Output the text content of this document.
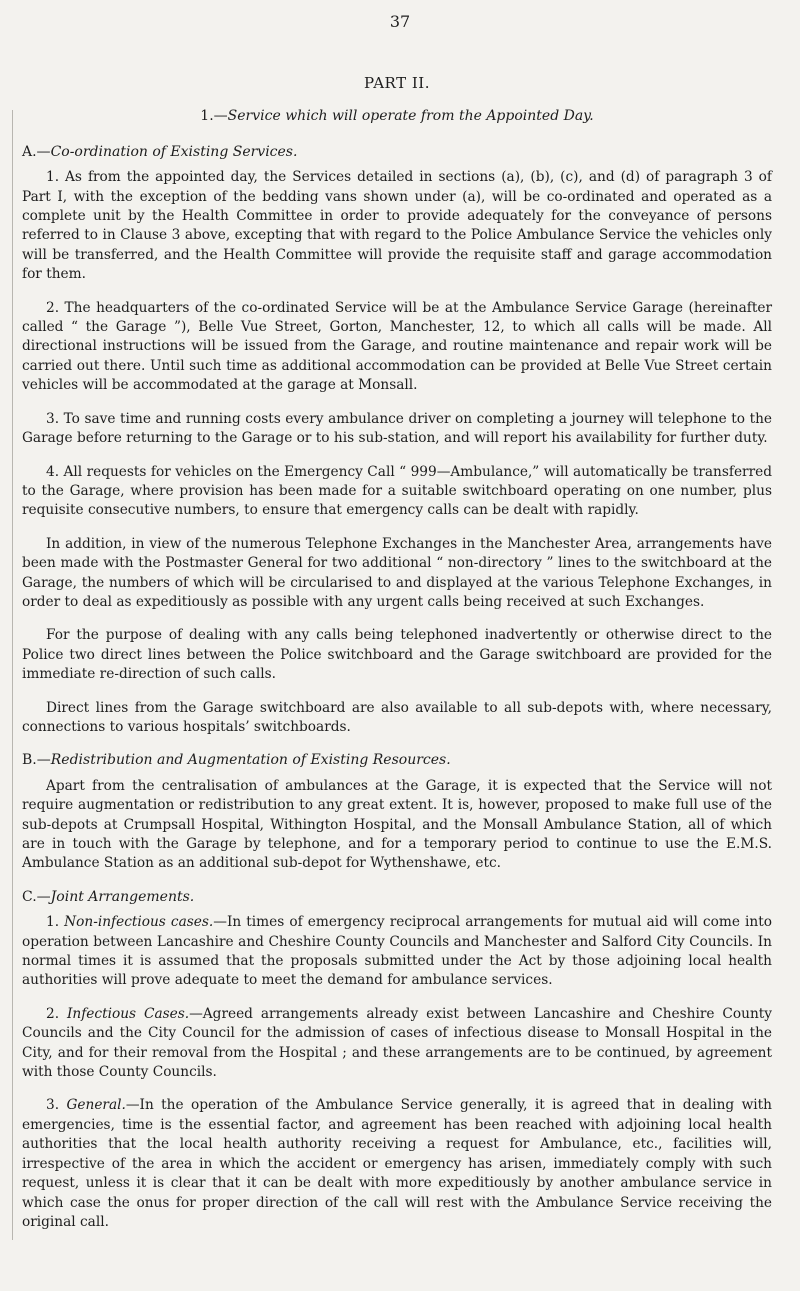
37
PART II.
1.—Service which will operate from the Appointed Day.
A.—Co-ordination of Existing Services.

1. As from the appointed day, the Services detailed in sections (a), (b), (c), and (d) of paragraph 3 of Part I, with the exception of the bedding vans shown under (a), will be co-ordinated and operated as a complete unit by the Health Committee in order to provide adequately for the conveyance of persons referred to in Clause 3 above, excepting that with regard to the Police Ambulance Service the vehicles only will be transferred, and the Health Committee will provide the requisite staff and garage accommodation for them.

2. The headquarters of the co-ordinated Service will be at the Ambulance Service Garage (hereinafter called “ the Garage ”), Belle Vue Street, Gorton, Manchester, 12, to which all calls will be made. All directional instructions will be issued from the Garage, and routine maintenance and repair work will be carried out there. Until such time as additional accommodation can be provided at Belle Vue Street certain vehicles will be accommodated at the garage at Monsall.

3. To save time and running costs every ambulance driver on completing a journey will telephone to the Garage before returning to the Garage or to his sub-station, and will report his availability for further duty.

4. All requests for vehicles on the Emergency Call “ 999—Ambulance,” will automatically be transferred to the Garage, where provision has been made for a suitable switchboard operating on one number, plus requisite consecutive numbers, to ensure that emergency calls can be dealt with rapidly.

In addition, in view of the numerous Telephone Exchanges in the Manchester Area, arrangements have been made with the Postmaster General for two additional “ non-directory ” lines to the switchboard at the Garage, the numbers of which will be circularised to and displayed at the various Telephone Exchanges, in order to deal as expeditiously as possible with any urgent calls being received at such Exchanges.

For the purpose of dealing with any calls being telephoned inadvertently or otherwise direct to the Police two direct lines between the Police switchboard and the Garage switchboard are provided for the immediate re-direction of such calls.

Direct lines from the Garage switchboard are also available to all sub-depots with, where necessary, connections to various hospitals’ switchboards.

B.—Redistribution and Augmentation of Existing Resources.

Apart from the centralisation of ambulances at the Garage, it is expected that the Service will not require augmentation or redistribution to any great extent. It is, however, proposed to make full use of the sub-depots at Crumpsall Hospital, Withington Hospital, and the Monsall Ambulance Station, all of which are in touch with the Garage by telephone, and for a temporary period to continue to use the E.M.S. Ambulance Station as an additional sub-depot for Wythenshawe, etc.

C.—Joint Arrangements.

1. Non-infectious cases.—In times of emergency reciprocal arrangements for mutual aid will come into operation between Lancashire and Cheshire County Councils and Manchester and Salford City Councils. In normal times it is assumed that the proposals submitted under the Act by those adjoining local health authorities will prove adequate to meet the demand for ambulance services.

2. Infectious Cases.—Agreed arrangements already exist between Lancashire and Cheshire County Councils and the City Council for the admission of cases of infectious disease to Monsall Hospital in the City, and for their removal from the Hospital ; and these arrangements are to be continued, by agreement with those County Councils.

3. General.—In the operation of the Ambulance Service generally, it is agreed that in dealing with emergencies, time is the essential factor, and agreement has been reached with adjoining local health authorities that the local health authority receiving a request for Ambulance, etc., facilities will, irrespective of the area in which the accident or emergency has arisen, immediately comply with such request, unless it is clear that it can be dealt with more expeditiously by another ambulance service in which case the onus for proper direction of the call will rest with the Ambulance Service receiving the original call.
